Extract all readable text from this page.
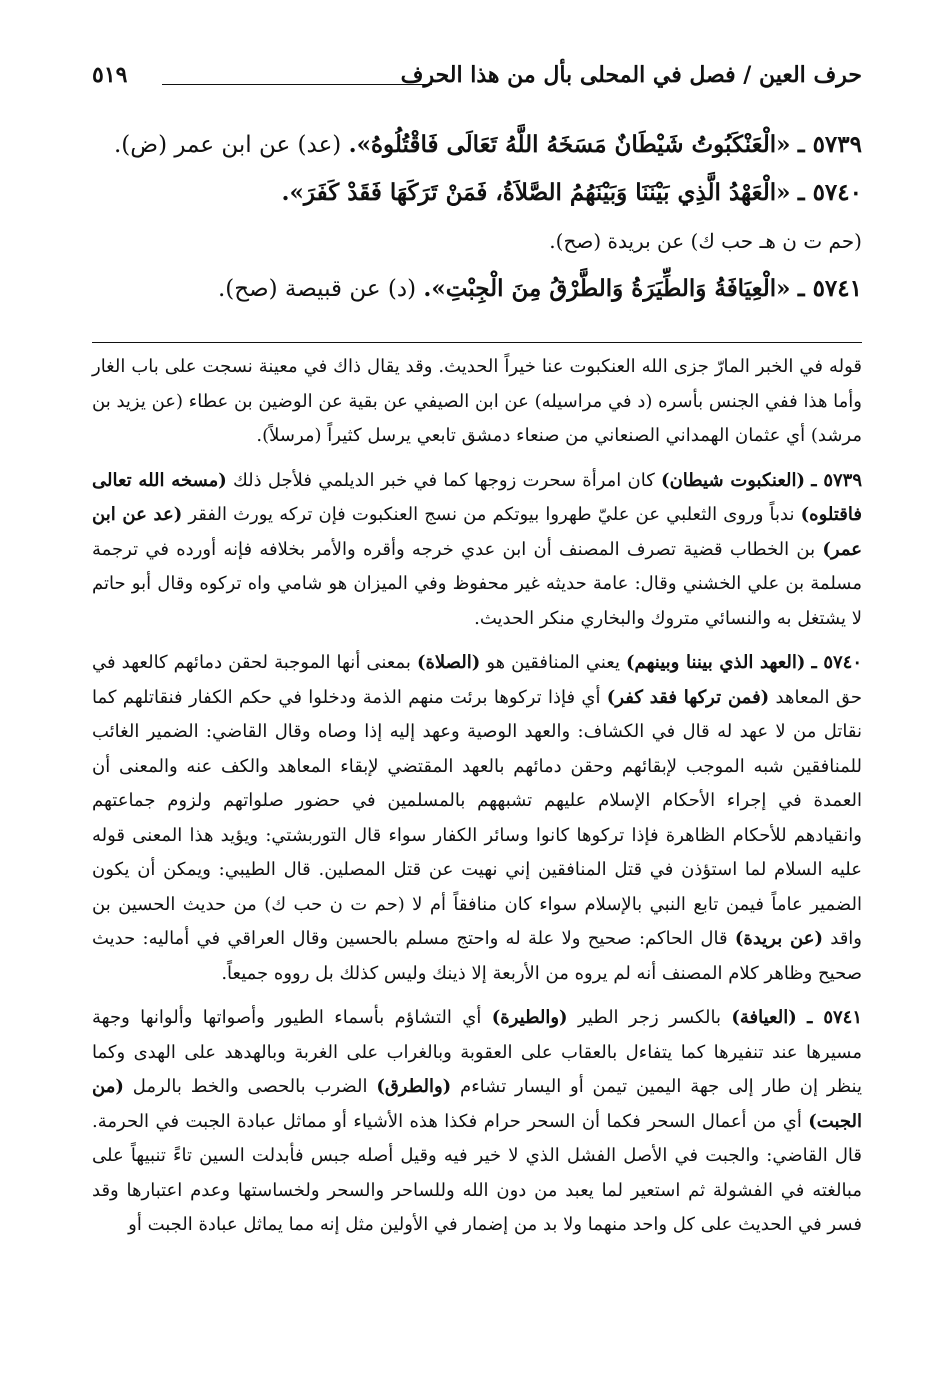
حرف العين / فصل في المحلى بأل من هذا الحرف
٥١٩
٥٧٣٩ ـ «الْعَنْكَبُوتُ شَيْطَانٌ مَسَخَهُ اللَّهُ تَعَالَى فَاقْتُلُوهُ». (عد) عن ابن عمر (ض).
٥٧٤٠ ـ «الْعَهْدُ الَّذِي بَيْنَنَا وَبَيْنَهُمُ الصَّلاَةُ، فَمَنْ تَرَكَهَا فَقَدْ كَفَرَ».
(حم ت ن هـ حب ك) عن بريدة (صح).
٥٧٤١ ـ «الْعِيَافَةُ وَالطِّيَرَةُ وَالطَّرْقُ مِنَ الْجِبْتِ». (د) عن قبيصة (صح).

قوله في الخبر المارّ جزى الله العنكبوت عنا خيراً الحديث. وقد يقال ذاك في معينة نسجت على باب الغار وأما هذا ففي الجنس بأسره (د في مراسيله) عن ابن الصيفي عن بقية عن الوضين بن عطاء (عن يزيد بن مرشد) أي عثمان الهمداني الصنعاني من صنعاء دمشق تابعي يرسل كثيراً (مرسلاً).

٥٧٣٩ ـ (العنكبوت شيطان) كان امرأة سحرت زوجها كما في خبر الديلمي فلأجل ذلك (مسخه الله تعالى فاقتلوه) ندباً وروى الثعلبي عن عليّ طهروا بيوتكم من نسج العنكبوت فإن تركه يورث الفقر (عد عن ابن عمر) بن الخطاب قضية تصرف المصنف أن ابن عدي خرجه وأقره والأمر بخلافه فإنه أورده في ترجمة مسلمة بن علي الخشني وقال: عامة حديثه غير محفوظ وفي الميزان هو شامي واه تركوه وقال أبو حاتم لا يشتغل به والنسائي متروك والبخاري منكر الحديث.

٥٧٤٠ ـ (العهد الذي بيننا وبينهم) يعني المنافقين هو (الصلاة) بمعنى أنها الموجبة لحقن دمائهم كالعهد في حق المعاهد (فمن تركها فقد كفر) أي فإذا تركوها برئت منهم الذمة ودخلوا في حكم الكفار فنقاتلهم كما نقاتل من لا عهد له قال في الكشاف: والعهد الوصية وعهد إليه إذا وصاه وقال القاضي: الضمير الغائب للمنافقين شبه الموجب لإبقائهم وحقن دمائهم بالعهد المقتضي لإبقاء المعاهد والكف عنه والمعنى أن العمدة في إجراء الأحكام الإسلام عليهم تشبههم بالمسلمين في حضور صلواتهم ولزوم جماعتهم وانقيادهم للأحكام الظاهرة فإذا تركوها كانوا وسائر الكفار سواء قال التوربشتي: ويؤيد هذا المعنى قوله عليه السلام لما استؤذن في قتل المنافقين إني نهيت عن قتل المصلين. قال الطيبي: ويمكن أن يكون الضمير عاماً فيمن تابع النبي بالإسلام سواء كان منافقاً أم لا (حم ت ن حب ك) من حديث الحسين بن واقد (عن بريدة) قال الحاكم: صحيح ولا علة له واحتج مسلم بالحسين وقال العراقي في أماليه: حديث صحيح وظاهر كلام المصنف أنه لم يروه من الأربعة إلا ذينك وليس كذلك بل رووه جميعاً.

٥٧٤١ ـ (العيافة) بالكسر زجر الطير (والطيرة) أي التشاؤم بأسماء الطيور وأصواتها وألوانها وجهة مسيرها عند تنفيرها كما يتفاءل بالعقاب على العقوبة وبالغراب على الغربة وبالهدهد على الهدى وكما ينظر إن طار إلى جهة اليمين تيمن أو اليسار تشاءم (والطرق) الضرب بالحصى والخط بالرمل (من الجبت) أي من أعمال السحر فكما أن السحر حرام فكذا هذه الأشياء أو مماثل عبادة الجبت في الحرمة. قال القاضي: والجبت في الأصل الفشل الذي لا خير فيه وقيل أصله جبس فأبدلت السين تاءً تنبيهاً على مبالغته في الفشولة ثم استعير لما يعبد من دون الله وللساحر والسحر ولخساستها وعدم اعتبارها وقد فسر في الحديث على كل واحد منهما ولا بد من إضمار في الأولين مثل إنه مما يماثل عبادة الجبت أو
